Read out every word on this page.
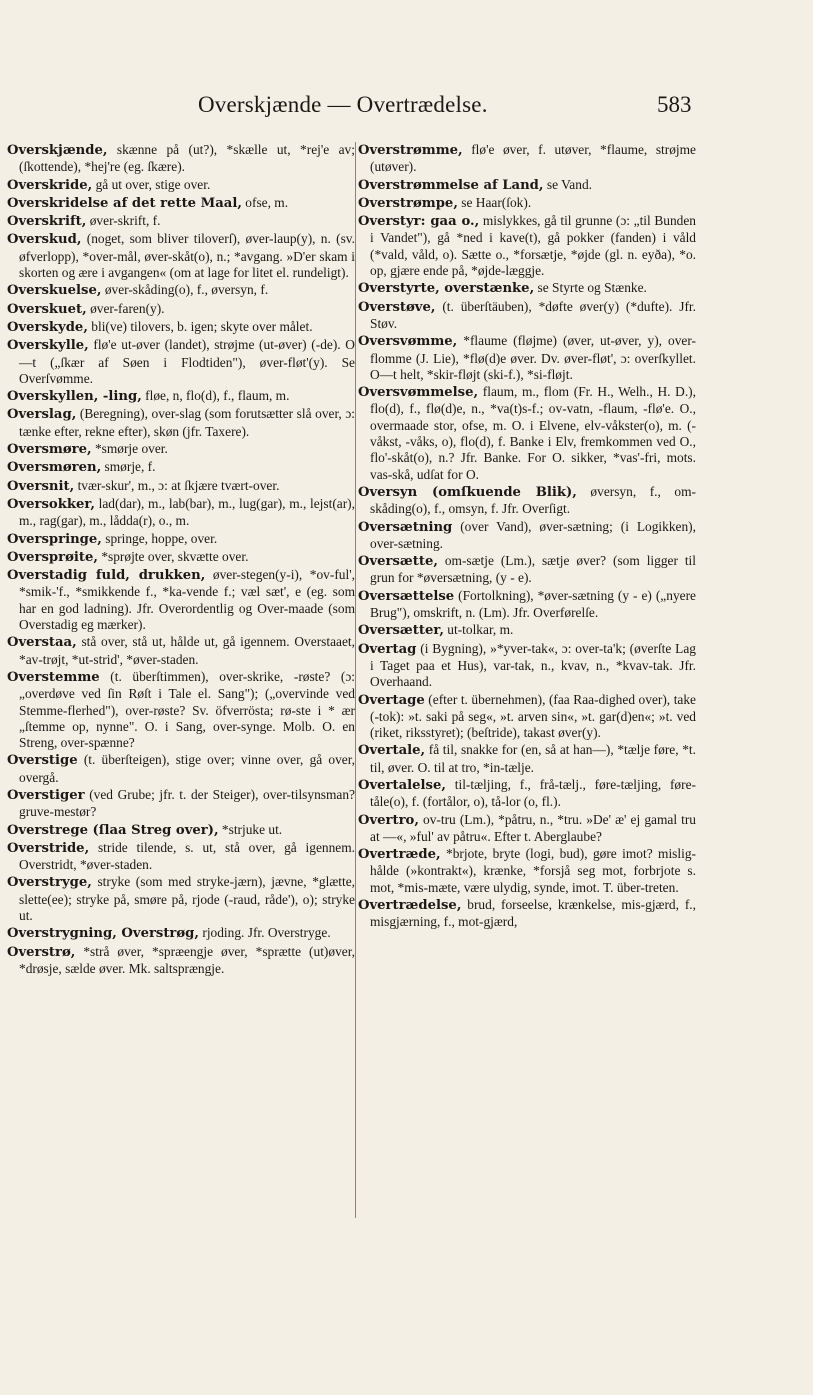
Overskjænde — Overtrædelse.	583

Overskjænde, skænne på (ut?), *skælle ut, *rej'e av; (ſkottende), *hej're (eg. ſkære).

Overskride, gå ut over, stige over.

Overskridelse af det rette Maal, ofse, m.

Overskrift, øver-skrift, f.

Overskud, (noget, som bliver tiloverſ), øver-laup(y), n. (sv. øfverlopp), *over-mål, øver-skåt(o), n.; *avgang. »D'er skam i skorten og ære i avgangen« (om at lage for litet el. rundeligt).

Overskuelse, øver-skåding(o), f., øversyn, f.

Overskuet, øver-faren(y).

Overskyde, bli(ve) tilovers, b. igen; skyte over målet.

Overskylle, flø'e ut-øver (landet), strøjme (ut-øver) (-de). O—t („ſkær af Søen i Flodtiden"), øver-fløt'(y). Se Overſvømme.

Overskyllen, -ling, fløe, n, flo(d), f., flaum, m.

Overslag, (Beregning), over-slag (som forutsætter slå over, ɔ: tænke efter, rekne efter), skøn (jfr. Taxere).

Oversmøre, *smørje over.

Oversmøren, smørje, f.

Oversnit, tvær-skur', m., ɔ: at ſkjære tvært-over.

Oversokker, lad(dar), m., lab(bar), m., lug(gar), m., lejst(ar), m., rag(gar), m., lådda(r), o., m.

Overspringe, springe, hoppe, over.

Oversprøite, *sprøjte over, skvætte over.

Overstadig fuld, drukken, øver-stegen(y-i), *ov-ful', *smik-'f., *smikkende f., *ka-vende f.; væl sæt', e (eg. som har en god ladning). Jfr. Overordentlig og Over-maade (som Overstadig eg mærker).

Overstaa, stå over, stå ut, hålde ut, gå igennem. Overstaaet, *av-trøjt, *ut-strid', *øver-staden.

Overstemme (t. überſtimmen), over-skrike, -røste? (ɔ: „overdøve ved ſin Røſt i Tale el. Sang"); („overvinde ved Stemme-flerhed"), over-røste? Sv. öfverrösta; rø-ste i * ær „ſtemme op, nynne". O. i Sang, over-synge. Molb. O. en Streng, over-spænne?

Overstige (t. überſteigen), stige over; vinne over, gå over, overgå.

Overstiger (ved Grube; jfr. t. der Steiger), over-tilsynsman? gruve-mestør?

Overstrege (ſlaa Streg over), *strjuke ut.

Overstride, stride tilende, s. ut, stå over, gå igennem. Overstridt, *øver-staden.

Overstryge, stryke (som med stryke-jærn), jævne, *glætte, slette(ee); stryke på, smøre på, rjode (-raud, råde'), o); stryke ut.

Overstrygning, Overstrøg, rjoding. Jfr. Overstryge.

Overstrø, *strå øver, *spræengje øver, *sprætte (ut)øver, *drøsje, sælde øver. Mk. saltsprængje.

Overstrømme, flø'e øver, f. utøver, *flaume, strøjme (utøver).

Overstrømmelse af Land, se Vand.

Overstrømpe, se Haar(ſok).

Overstyr: gaa o., mislykkes, gå til grunne (ɔ: „til Bunden i Vandet"), gå *ned i kave(t), gå pokker (fanden) i våld (*vald, våld, o). Sætte o., *forsætje, *øjde (gl. n. eyða), *o. op, gjære ende på, *øjde-læggje.

Overstyrte, overstænke, se Styrte og Stænke.

Overstøve, (t. überſtäuben), *døfte øver(y) (*dufte). Jfr. Støv.

Oversvømme, *flaume (fløjme) (øver, ut-øver, y), over-flomme (J. Lie), *flø(d)e øver. Dv. øver-fløt', ɔ: overſkyllet. O—t helt, *skir-fløjt (ski-f.), *si-fløjt.

Oversvømmelse, flaum, m., flom (Fr. H., Welh., H. D.), flo(d), f., flø(d)e, n., *va(t)s-f.; ov-vatn, -flaum, -flø'e. O., overmaade stor, ofse, m. O. i Elvene, elv-våkster(o), m. (-våkst, -våks, o), flo(d), f. Banke i Elv, fremkommen ved O., flo'-skåt(o), n.? Jfr. Banke. For O. sikker, *vas'-fri, mots. vas-skå, udſat for O.

Oversyn (omſkuende Blik), øversyn, f., om-skåding(o), f., omsyn, f. Jfr. Overſigt.

Oversætning (over Vand), øver-sætning; (i Logikken), over-sætning.

Oversætte, om-sætje (Lm.), sætje øver? (som ligger til grun for *øversætning, (y - e).

Oversættelse (Fortolkning), *øver-sætning (y - e) („nyere Brug"), omskrift, n. (Lm). Jfr. Overførelſe.

Oversætter, ut-tolkar, m.

Overtag (i Bygning), »*yver-tak«, ɔ: over-ta'k; (øverſte Lag i Taget paa et Hus), var-tak, n., kvav, n., *kvav-tak. Jfr. Overhaand.

Overtage (efter t. übernehmen), (faa Raa-dighed over), take (-tok): »t. saki på seg«, »t. arven sin«, »t. gar(d)en«; »t. ved (riket, riksstyret); (beſtride), takast øver(y).

Overtale, få til, snakke for (en, så at han—), *tælje føre, *t. til, øver. O. til at tro, *in-tælje.

Overtalelse, til-tæljing, f., frå-tælj., føre-tæljing, føre-tåle(o), f. (fortålor, o), tå-lor (o, fl.).

Overtro, ov-tru (Lm.), *påtru, n., *tru. »De' æ' ej gamal tru at —«, »ful' av påtru«. Efter t. Aberglaube?

Overtræde, *brjote, bryte (logi, bud), gøre imot? mislig-hålde (»kontrakt«), krænke, *forsjå seg mot, forbrjote s. mot, *mis-mæte, være ulydig, synde, imot. T. über-treten.

Overtrædelse, brud, forseelse, krænkelse, mis-gjærd, f., misgjærning, f., mot-gjærd,
